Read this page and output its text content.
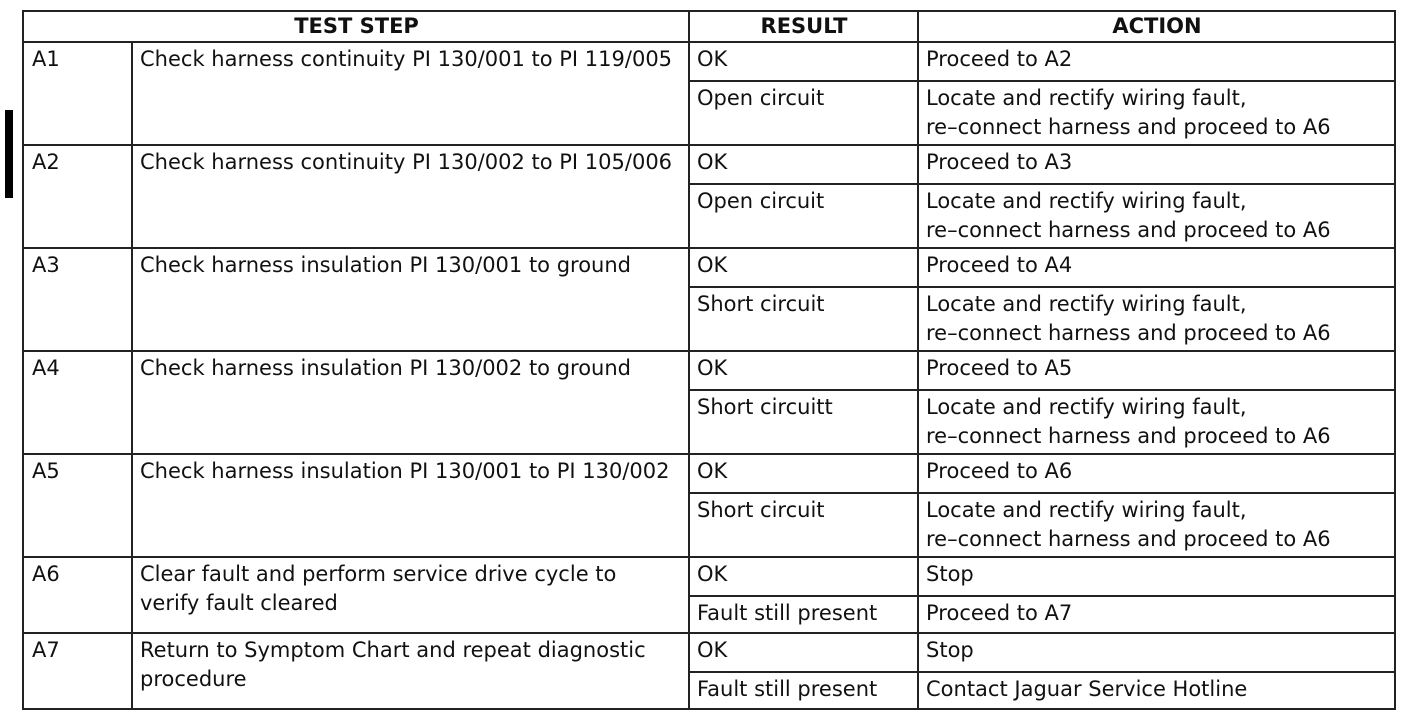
TEST STEP		RESULT	ACTION
A1	Check harness continuity PI 130/001 to PI 119/005	OK	Proceed to A2
		Open circuit	Locate and rectify wiring fault,
re–connect harness and proceed to A6
A2	Check harness continuity PI 130/002 to PI 105/006	OK	Proceed to A3
		Open circuit	Locate and rectify wiring fault,
re–connect harness and proceed to A6
A3	Check harness insulation PI 130/001 to ground	OK	Proceed to A4
		Short circuit	Locate and rectify wiring fault,
re–connect harness and proceed to A6
A4	Check harness insulation PI 130/002 to ground	OK	Proceed to A5
		Short circuitt	Locate and rectify wiring fault,
re–connect harness and proceed to A6
A5	Check harness insulation PI 130/001 to PI 130/002	OK	Proceed to A6
		Short circuit	Locate and rectify wiring fault,
re–connect harness and proceed to A6
A6	Clear fault and perform service drive cycle to verify fault cleared	OK	Stop
		Fault still present	Proceed to A7
A7	Return to Symptom Chart and repeat diagnostic procedure	OK	Stop
		Fault still present	Contact Jaguar Service Hotline
